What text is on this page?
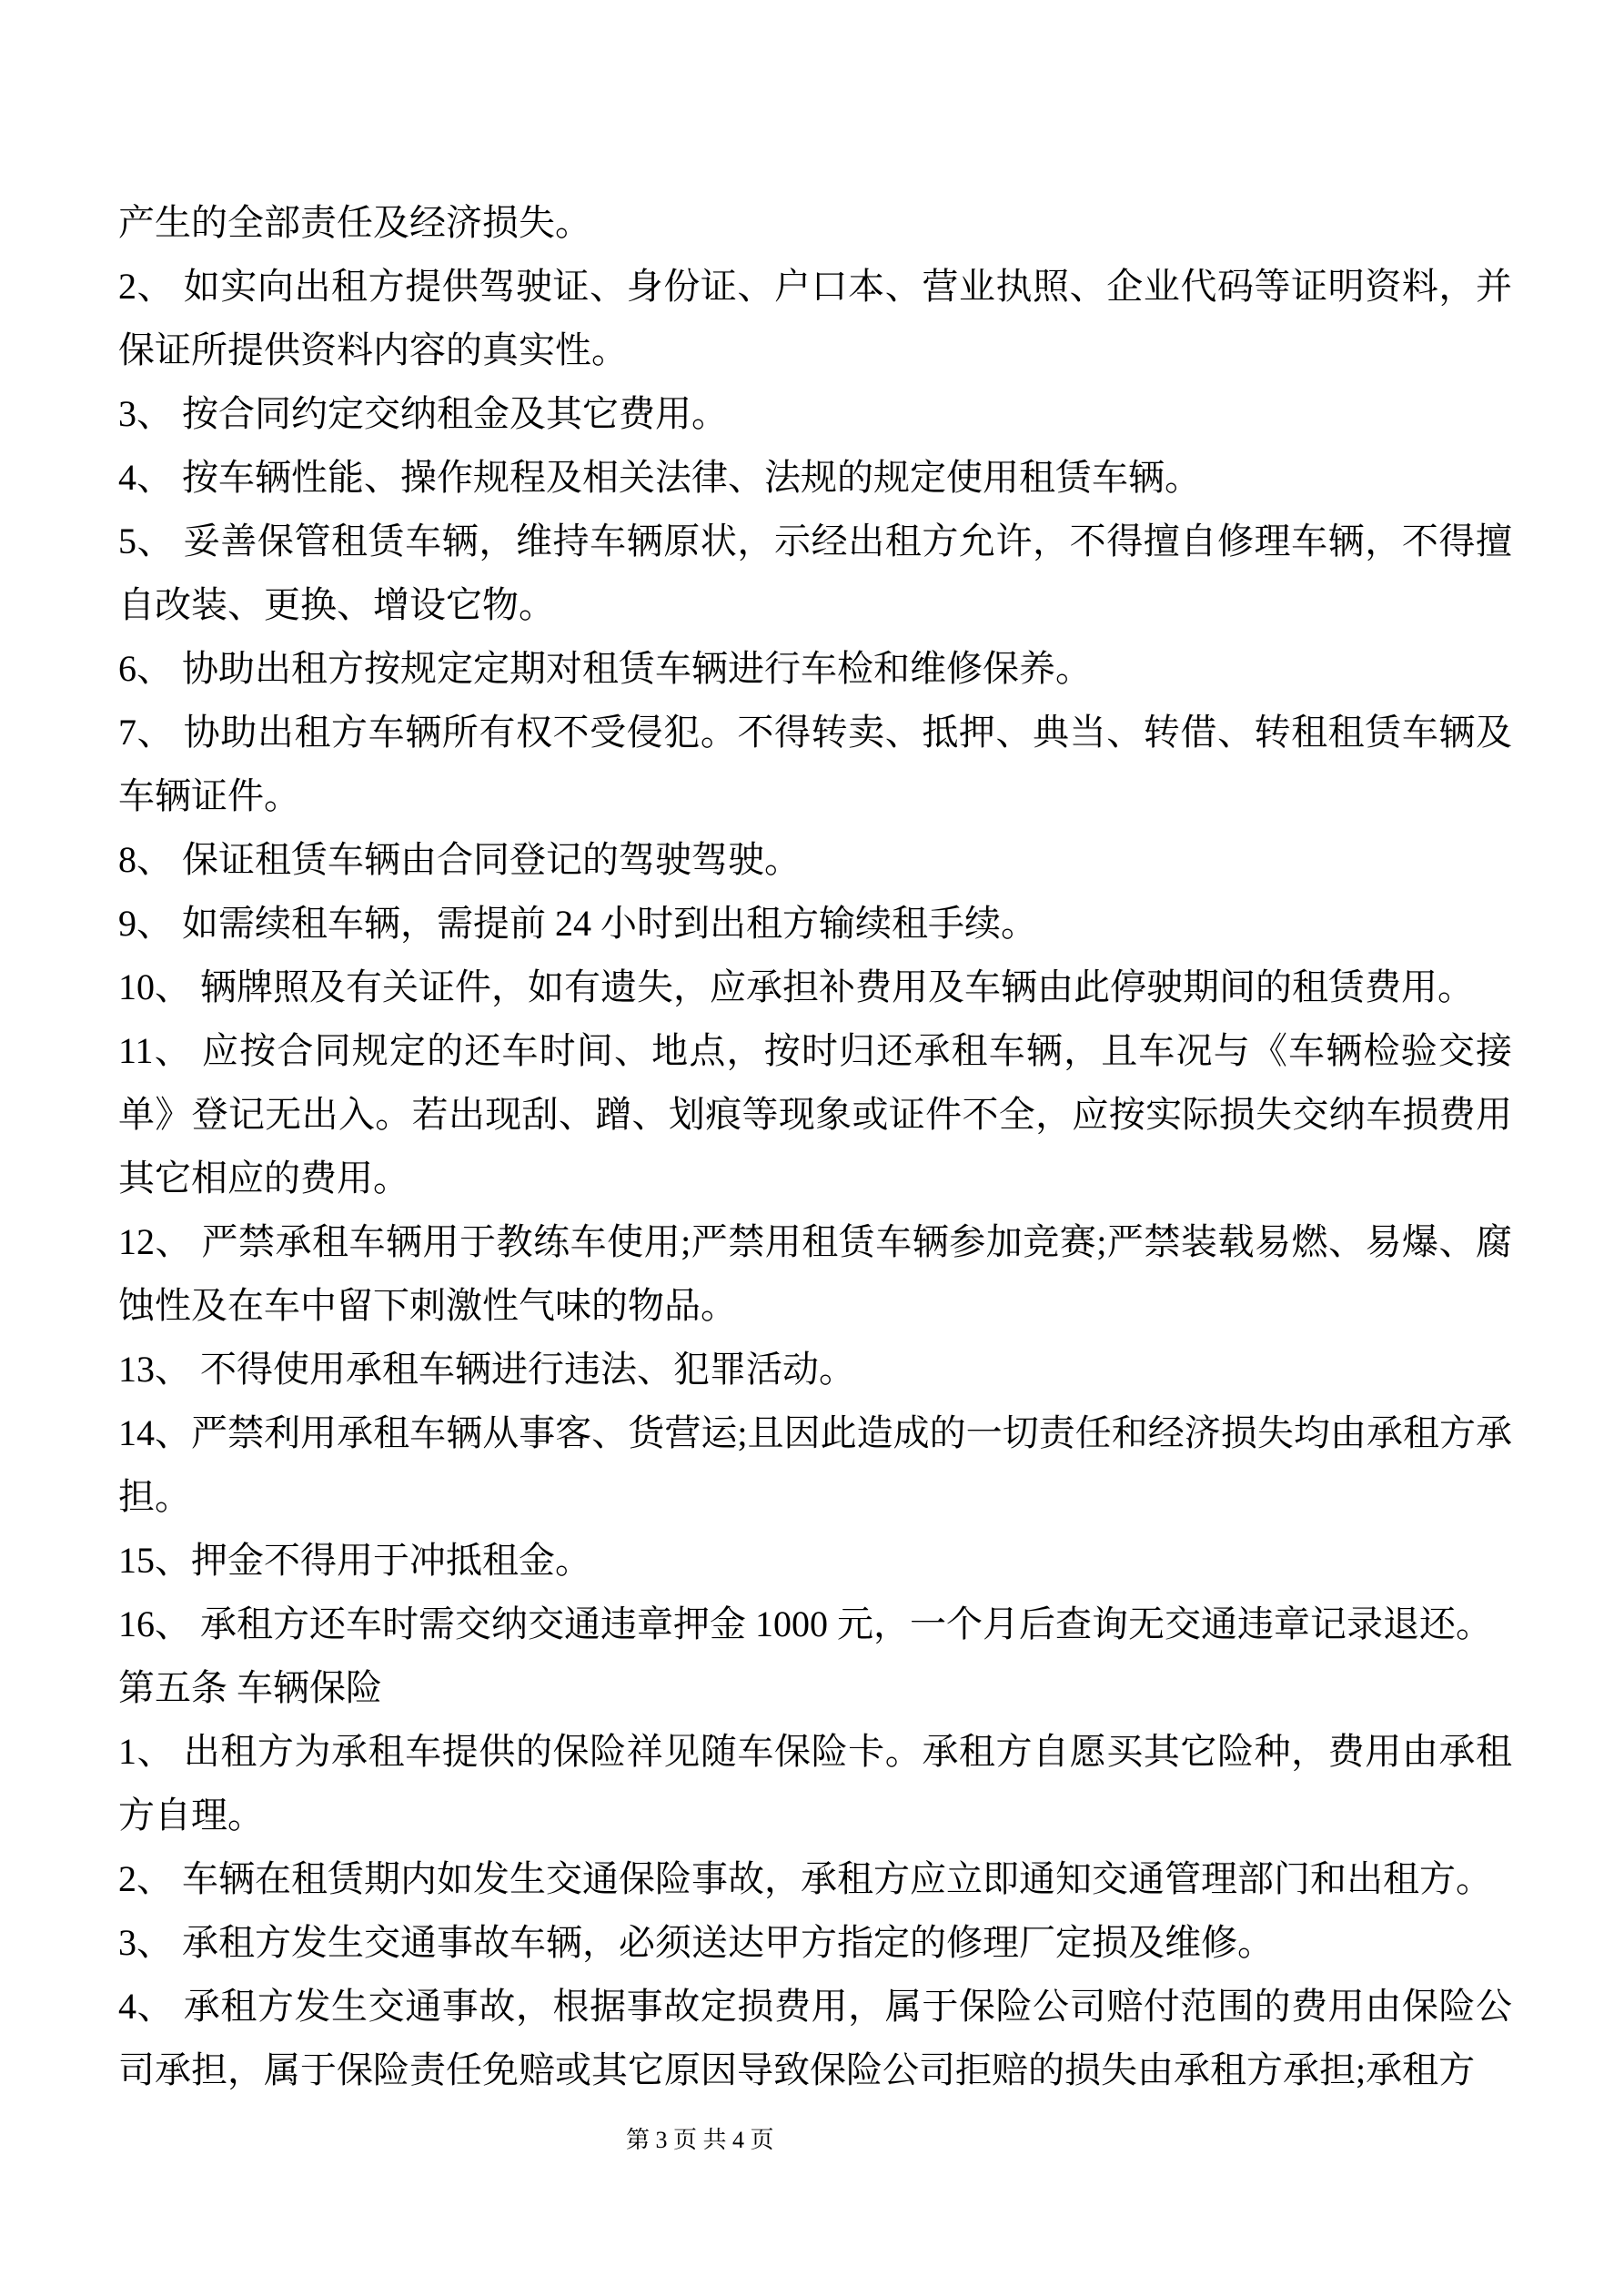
产生的全部责任及经济损失。

2、 如实向出租方提供驾驶证、身份证、户口本、营业执照、企业代码等证明资料，并保证所提供资料内容的真实性。

3、 按合同约定交纳租金及其它费用。

4、 按车辆性能、操作规程及相关法律、法规的规定使用租赁车辆。

5、 妥善保管租赁车辆，维持车辆原状，示经出租方允许，不得擅自修理车辆，不得擅自改装、更换、增设它物。

6、 协助出租方按规定定期对租赁车辆进行车检和维修保养。

7、 协助出租方车辆所有权不受侵犯。不得转卖、抵押、典当、转借、转租租赁车辆及车辆证件。

8、 保证租赁车辆由合同登记的驾驶驾驶。

9、 如需续租车辆，需提前 24 小时到出租方输续租手续。

10、 辆牌照及有关证件，如有遗失，应承担补费用及车辆由此停驶期间的租赁费用。

11、 应按合同规定的还车时间、地点，按时归还承租车辆，且车况与《车辆检验交接单》登记无出入。若出现刮、蹭、划痕等现象或证件不全，应按实际损失交纳车损费用其它相应的费用。

12、 严禁承租车辆用于教练车使用;严禁用租赁车辆参加竞赛;严禁装载易燃、易爆、腐蚀性及在车中留下刺激性气味的物品。

13、 不得使用承租车辆进行违法、犯罪活动。

14、严禁利用承租车辆从事客、货营运;且因此造成的一切责任和经济损失均由承租方承担。

15、押金不得用于冲抵租金。

16、 承租方还车时需交纳交通违章押金 1000 元，一个月后查询无交通违章记录退还。

第五条 车辆保险

1、 出租方为承租车提供的保险祥见随车保险卡。承租方自愿买其它险种，费用由承租方自理。

2、 车辆在租赁期内如发生交通保险事故，承租方应立即通知交通管理部门和出租方。

3、 承租方发生交通事故车辆，必须送达甲方指定的修理厂定损及维修。

4、 承租方发生交通事故，根据事故定损费用，属于保险公司赔付范围的费用由保险公司承担，属于保险责任免赔或其它原因导致保险公司拒赔的损失由承租方承担;承租方

第 3 页 共 4 页
